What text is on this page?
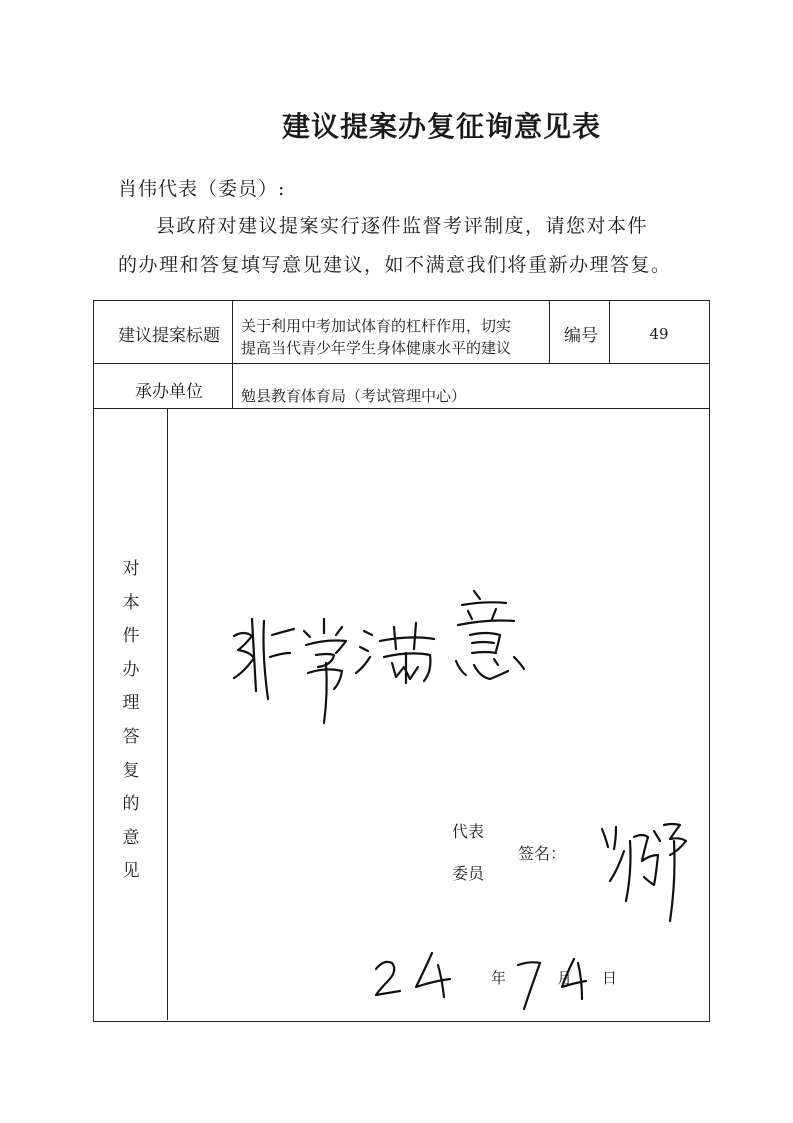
建议提案办复征询意见表
肖伟代表（委员）:
县政府对建议提案实行逐件监督考评制度，请您对本件
的办理和答复填写意见建议，如不满意我们将重新办理答复。
建议提案标题	关于利用中考加试体育的杠杆作用，切实
提高当代青少年学生身体健康水平的建议
编号	49
承办单位	勉县教育体育局（考试管理中心）
对
本
件
办
理
答
复
的
意
见
代表
委员
签名：
年	月 日
